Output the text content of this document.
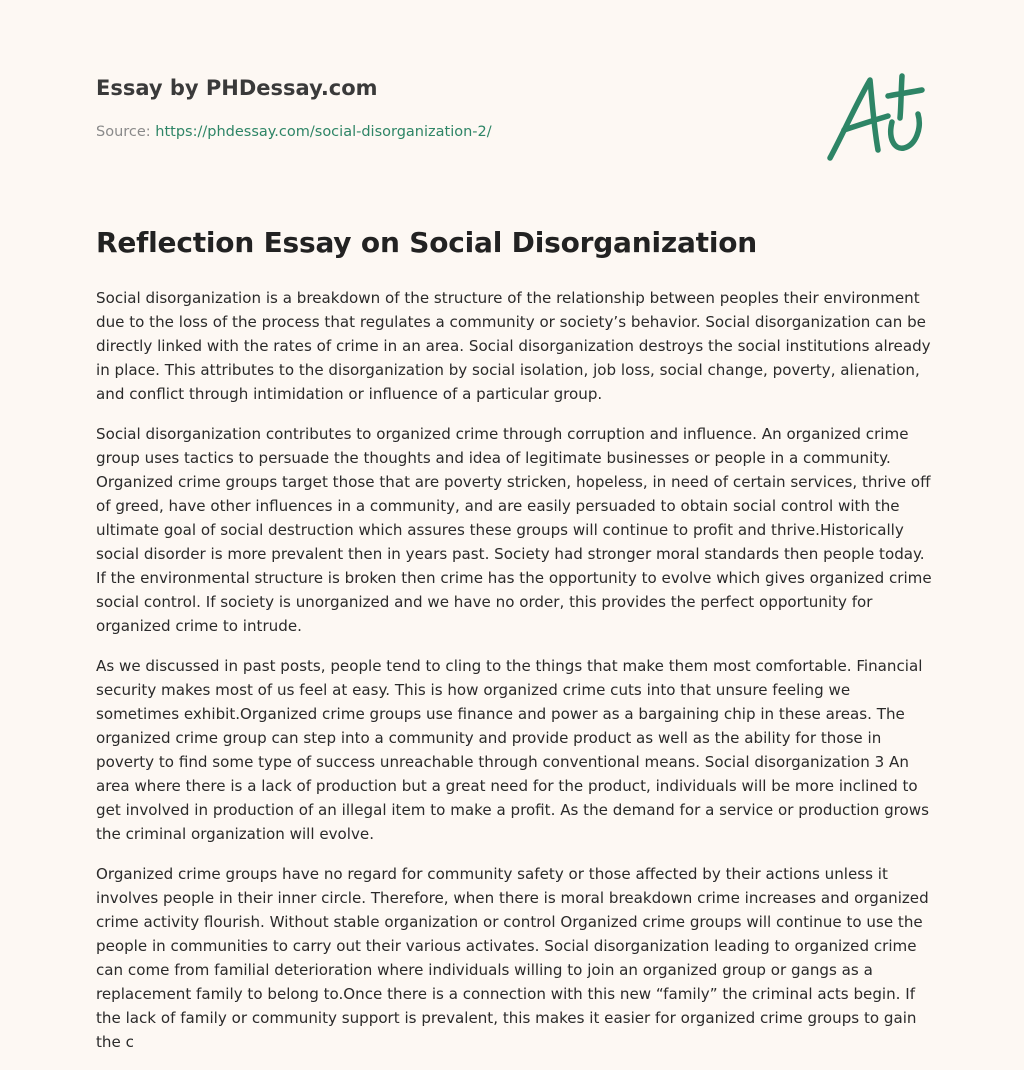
Essay by PHDessay.com
Source: https://phdessay.com/social-disorganization-2/
Reflection Essay on Social Disorganization

Social disorganization is a breakdown of the structure of the relationship between peoples their environment due to the loss of the process that regulates a community or society’s behavior. Social disorganization can be directly linked with the rates of crime in an area. Social disorganization destroys the social institutions already in place. This attributes to the disorganization by social isolation, job loss, social change, poverty, alienation, and conflict through intimidation or influence of a particular group.

Social disorganization contributes to organized crime through corruption and influence. An organized crime group uses tactics to persuade the thoughts and idea of legitimate businesses or people in a community. Organized crime groups target those that are poverty stricken, hopeless, in need of certain services, thrive off of greed, have other influences in a community, and are easily persuaded to obtain social control with the ultimate goal of social destruction which assures these groups will continue to profit and thrive.Historically social disorder is more prevalent then in years past. Society had stronger moral standards then people today. If the environmental structure is broken then crime has the opportunity to evolve which gives organized crime social control. If society is unorganized and we have no order, this provides the perfect opportunity for organized crime to intrude.

As we discussed in past posts, people tend to cling to the things that make them most comfortable. Financial security makes most of us feel at easy. This is how organized crime cuts into that unsure feeling we sometimes exhibit.Organized crime groups use finance and power as a bargaining chip in these areas. The organized crime group can step into a community and provide product as well as the ability for those in poverty to find some type of success unreachable through conventional means. Social disorganization 3 An area where there is a lack of production but a great need for the product, individuals will be more inclined to get involved in production of an illegal item to make a profit. As the demand for a service or production grows the criminal organization will evolve.

Organized crime groups have no regard for community safety or those affected by their actions unless it involves people in their inner circle. Therefore, when there is moral breakdown crime increases and organized crime activity flourish. Without stable organization or control Organized crime groups will continue to use the people in communities to carry out their various activates. Social disorganization leading to organized crime can come from familial deterioration where individuals willing to join an organized group or gangs as a replacement family to belong to.Once there is a connection with this new “family” the criminal acts begin. If the lack of family or community support is prevalent, this makes it easier for organized crime groups to gain the c
